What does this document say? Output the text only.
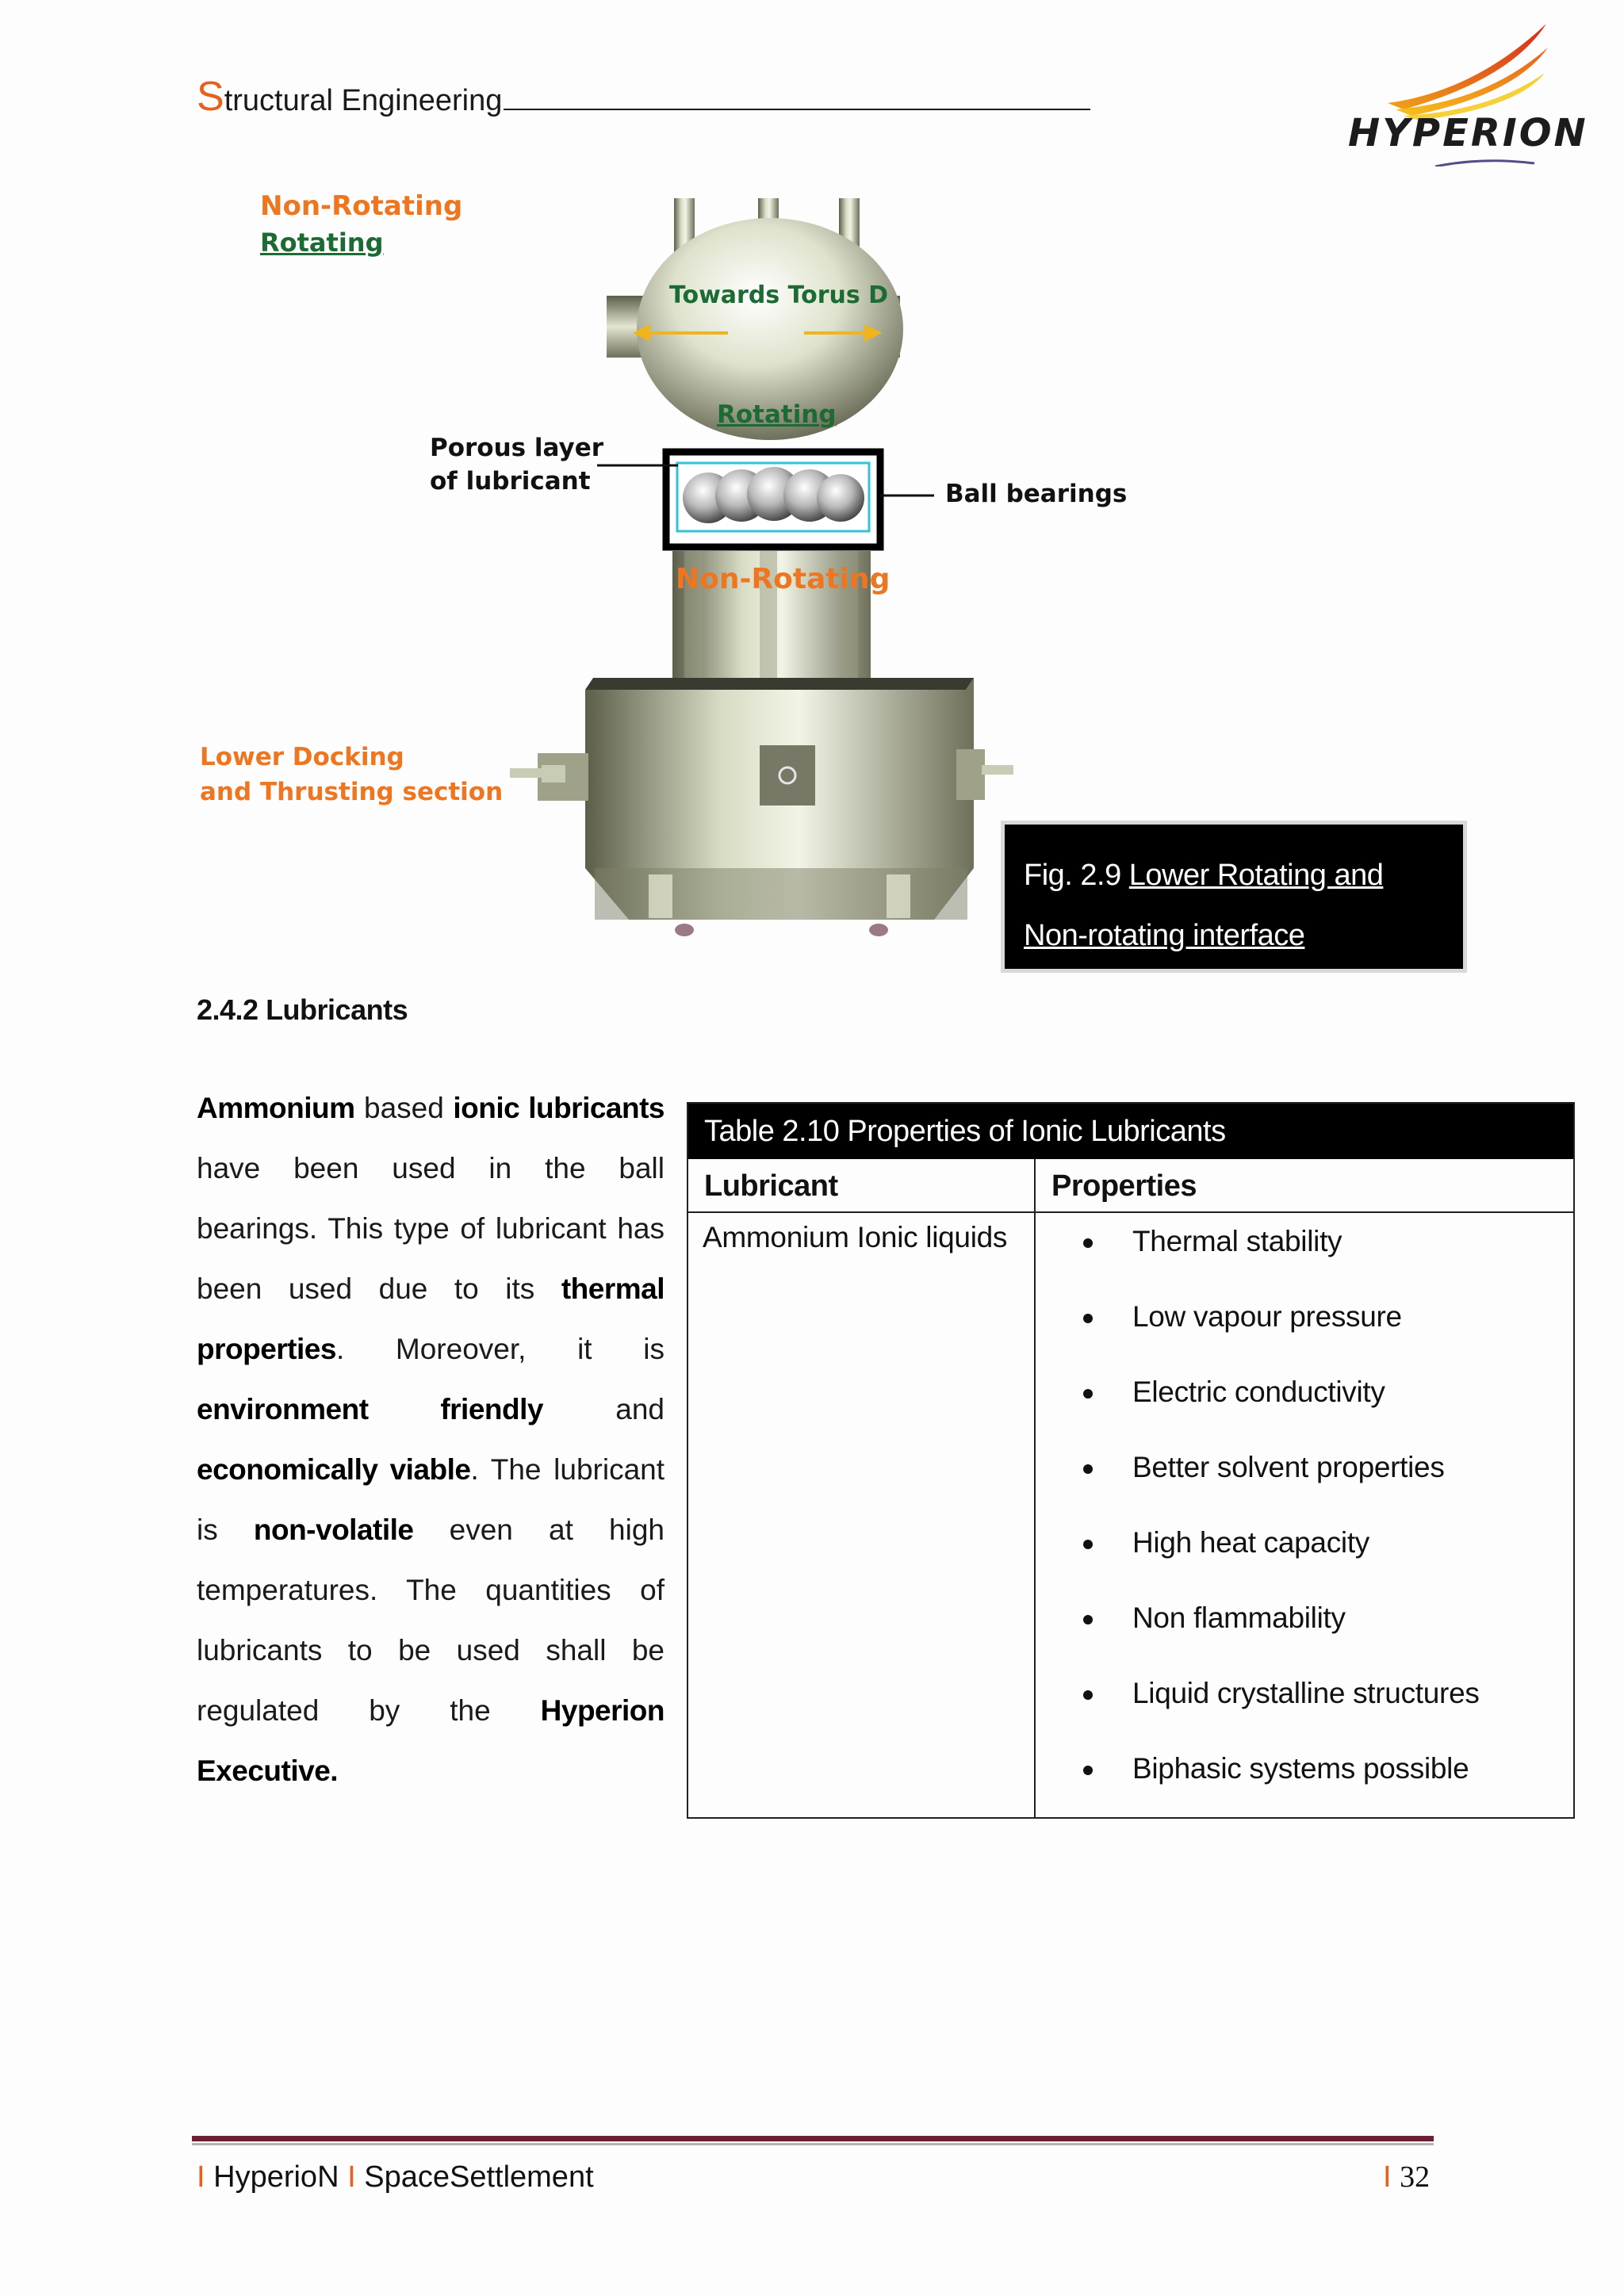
Structural Engineering
HYPERION
Non-Rotating
Rotating
Towards Torus D
Rotating
Porous layer
of lubricant	Ball bearings
Non-Rotating
Lower Docking
and Thrusting section
Fig. 2.9 Lower Rotating and
Non-rotating interface
2.4.2 Lubricants
Ammonium based ionic lubricants have been used in the ball bearings. This type of lubricant has been used due to its thermal properties. Moreover, it is environment friendly and economically viable. The lubricant is non-volatile even at high temperatures. The quantities of lubricants to be used shall be regulated by the Hyperion Executive.
Table 2.10 Properties of Ionic Lubricants
Lubricant	Properties
Ammonium Ionic liquids	Thermal stability
Low vapour pressure
Electric conductivity
Better solvent properties
High heat capacity
Non flammability
Liquid crystalline structures
Biphasic systems possible
I HyperioN I SpaceSettlement	I 32
